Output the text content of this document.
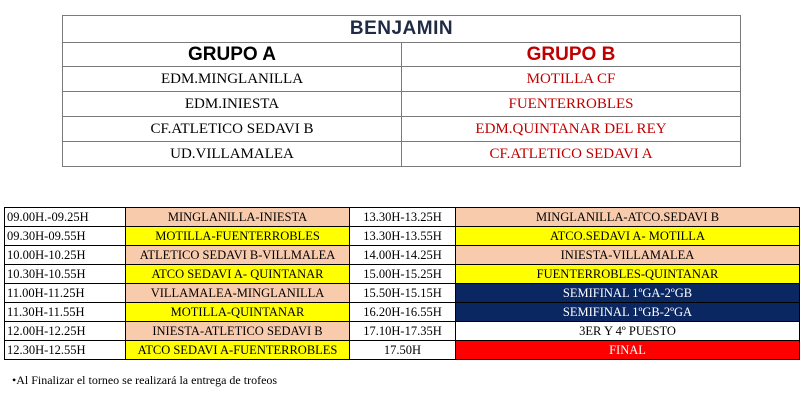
BENJAMIN	
GRUPO A	GRUPO B
EDM.MINGLANILLA	MOTILLA CF
EDM.INIESTA	FUENTERROBLES
CF.ATLETICO SEDAVI B	EDM.QUINTANAR DEL REY
UD.VILLAMALEA	CF.ATLETICO SEDAVI A
09.00H.-09.25H	MINGLANILLA-INIESTA	13.30H-13.25H	MINGLANILLA-ATCO.SEDAVI B
09.30H-09.55H	MOTILLA-FUENTERROBLES	13.30H-13.55H	ATCO.SEDAVI A- MOTILLA
10.00H-10.25H	ATLETICO SEDAVI B-VILLMALEA	14.00H-14.25H	INIESTA-VILLAMALEA
10.30H-10.55H	ATCO SEDAVI A- QUINTANAR	15.00H-15.25H	FUENTERROBLES-QUINTANAR
11.00H-11.25H	VILLAMALEA-MINGLANILLA	15.50H-15.15H	SEMIFINAL 1ºGA-2ºGB
11.30H-11.55H	MOTILLA-QUINTANAR	16.20H-16.55H	SEMIFINAL 1ºGB-2ºGA
12.00H-12.25H	INIESTA-ATLETICO SEDAVI B	17.10H-17.35H	3ER Y 4º PUESTO
12.30H-12.55H	ATCO SEDAVI A-FUENTERROBLES	17.50H	FINAL
•Al Finalizar el torneo se realizará la entrega de trofeos
